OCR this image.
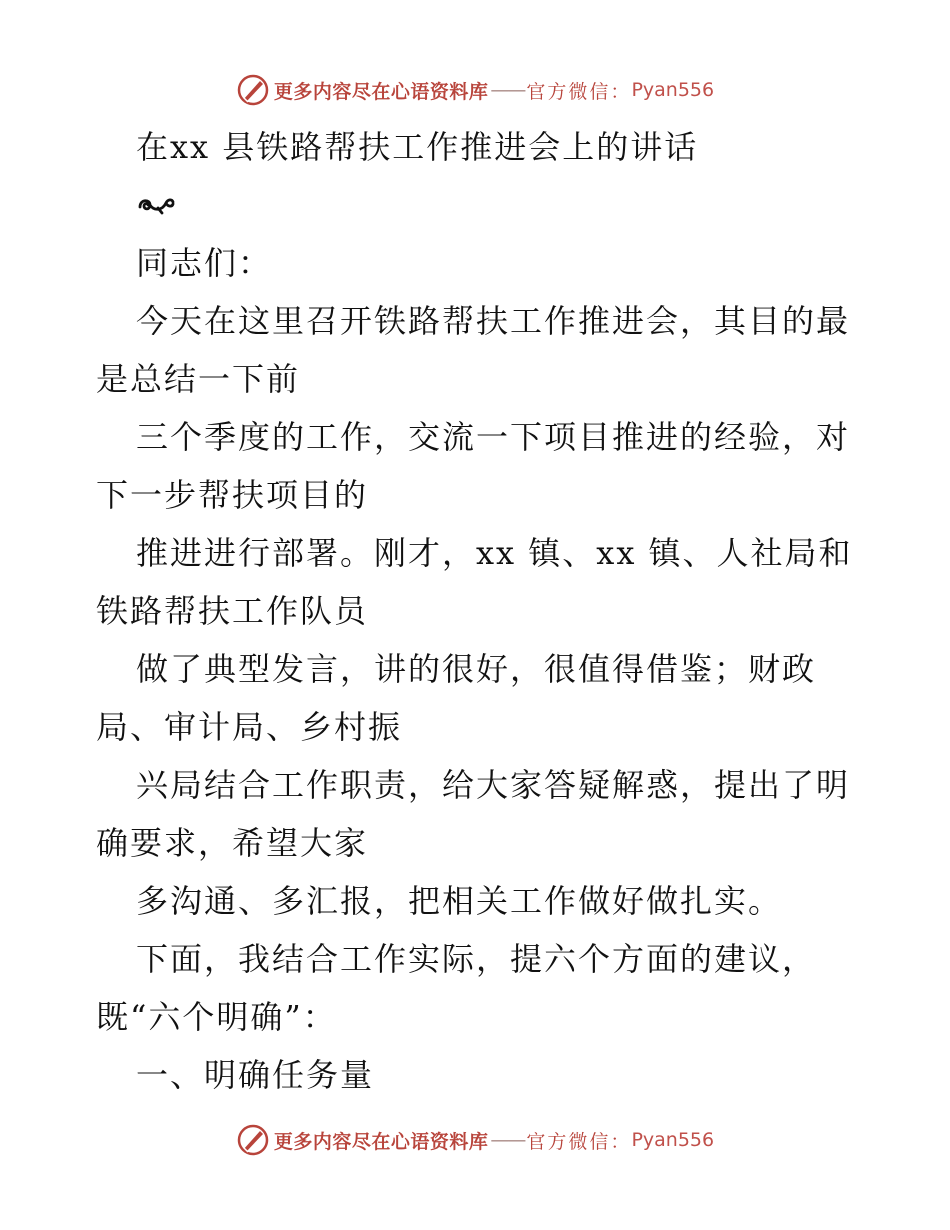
更多内容尽在心语资料库 —— 官方微信： Pyan556

在xx 县铁路帮扶工作推进会上的讲话

同志们：

今天在这里召开铁路帮扶工作推进会，其目的最

是总结一下前

三个季度的工作，交流一下项目推进的经验，对

下一步帮扶项目的

推进进行部署。刚才，xx 镇、xx 镇、人社局和

铁路帮扶工作队员

做了典型发言，讲的很好，很值得借鉴；财政

局、审计局、乡村振

兴局结合工作职责，给大家答疑解惑，提出了明

确要求，希望大家

多沟通、多汇报，把相关工作做好做扎实。

下面，我结合工作实际，提六个方面的建议，

既“六个明确”：

一、明确任务量

更多内容尽在心语资料库 —— 官方微信： Pyan556
